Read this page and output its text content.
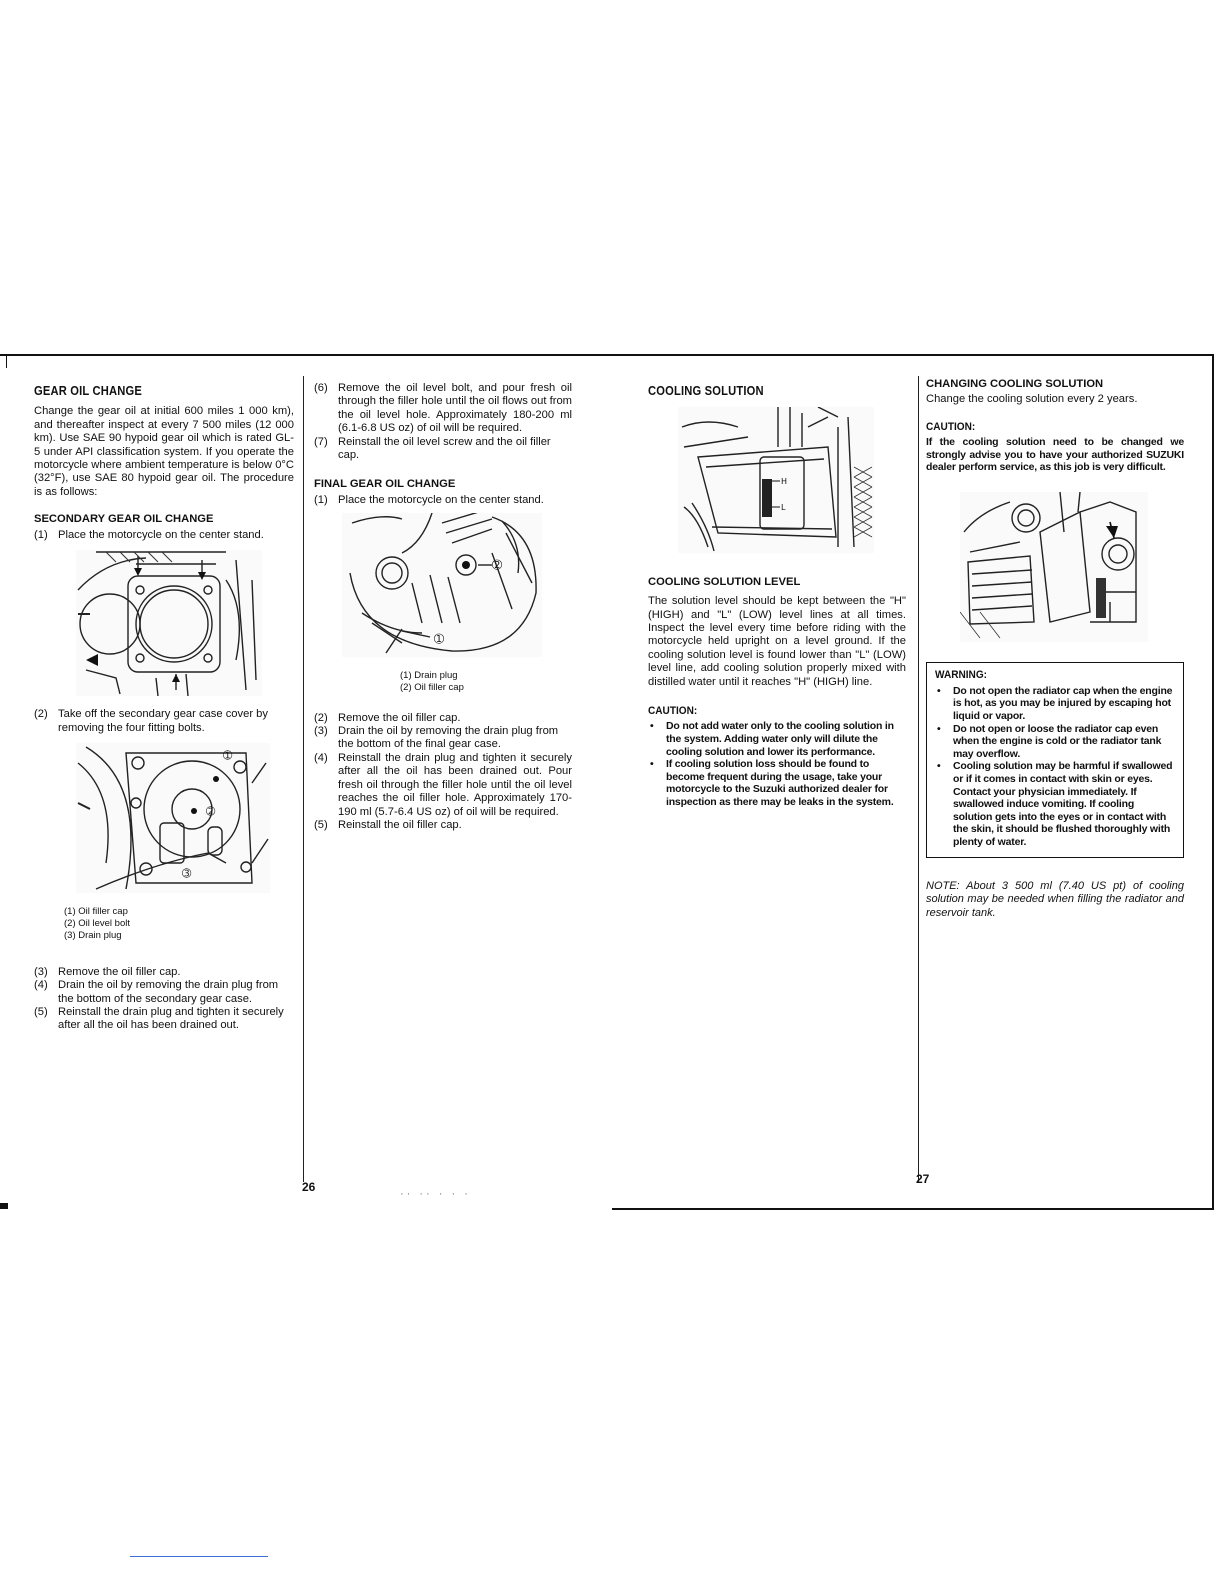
·· ·· · · ·
GEAR OIL CHANGE

Change the gear oil at initial 600 miles 1 000 km), and thereafter inspect at every 7 500 miles (12 000 km). Use SAE 90 hypoid gear oil which is rated GL-5 under API classification system. If you operate the motorcycle where ambient temperature is below 0°C (32°F), use SAE 80 hypoid gear oil. The procedure is as follows:

SECONDARY GEAR OIL CHANGE
(1) Place the motorcycle on the center stand.
(2) Take off the secondary gear case cover by removing the four fitting bolts.
➀
➁
➂
(1) Oil filler cap
(2) Oil level bolt
(3) Drain plug
(3) Remove the oil filler cap.
(4) Drain the oil by removing the drain plug from the bottom of the secondary gear case.
(5) Reinstall the drain plug and tighten it securely after all the oil has been drained out.
(6) Remove the oil level bolt, and pour fresh oil through the filler hole until the oil flows out from the oil level hole. Approximately 180-200 ml (6.1-6.8 US oz) of oil will be required.
(7) Reinstall the oil level screw and the oil filler cap.
FINAL GEAR OIL CHANGE
(1) Place the motorcycle on the center stand.
➁
➀
(1) Drain plug
(2) Oil filler cap
(2) Remove the oil filler cap.
(3) Drain the oil by removing the drain plug from the bottom of the final gear case.
(4) Reinstall the drain plug and tighten it securely after all the oil has been drained out. Pour fresh oil through the filler hole until the oil level reaches the oil filler hole. Approximately 170-190 ml (5.7-6.4 US oz) of oil will be required.
(5) Reinstall the oil filler cap.
COOLING SOLUTION
H
L
COOLING SOLUTION LEVEL

The solution level should be kept between the "H" (HIGH) and "L" (LOW) level lines at all times. Inspect the level every time before riding with the motorcycle held upright on a level ground. If the cooling solution level is found lower than "L" (LOW) level line, add cooling solution properly mixed with distilled water until it reaches "H" (HIGH) line.

CAUTION:
•	Do not add water only to the cooling solution in the system. Adding water only will dilute the cooling solution and lower its performance.
•	If cooling solution loss should be found to become frequent during the usage, take your motorcycle to the Suzuki authorized dealer for inspection as there may be leaks in the system.
CHANGING COOLING SOLUTION

Change the cooling solution every 2 years.

CAUTION:

If the cooling solution need to be changed we strongly advise you to have your authorized SUZUKI dealer perform service, as this job is very difficult.

WARNING:
•	Do not open the radiator cap when the engine is hot, as you may be injured by escaping hot liquid or vapor.
•	Do not open or loose the radiator cap even when the engine is cold or the radiator tank may overflow.
•	Cooling solution may be harmful if swallowed or if it comes in contact with skin or eyes. Contact your physician immediately. If swallowed induce vomiting. If cooling solution gets into the eyes or in contact with the skin, it should be flushed thoroughly with plenty of water.

NOTE: About 3 500 ml (7.40 US pt) of cooling solution may be needed when filling the radiator and reservoir tank.

26
27
